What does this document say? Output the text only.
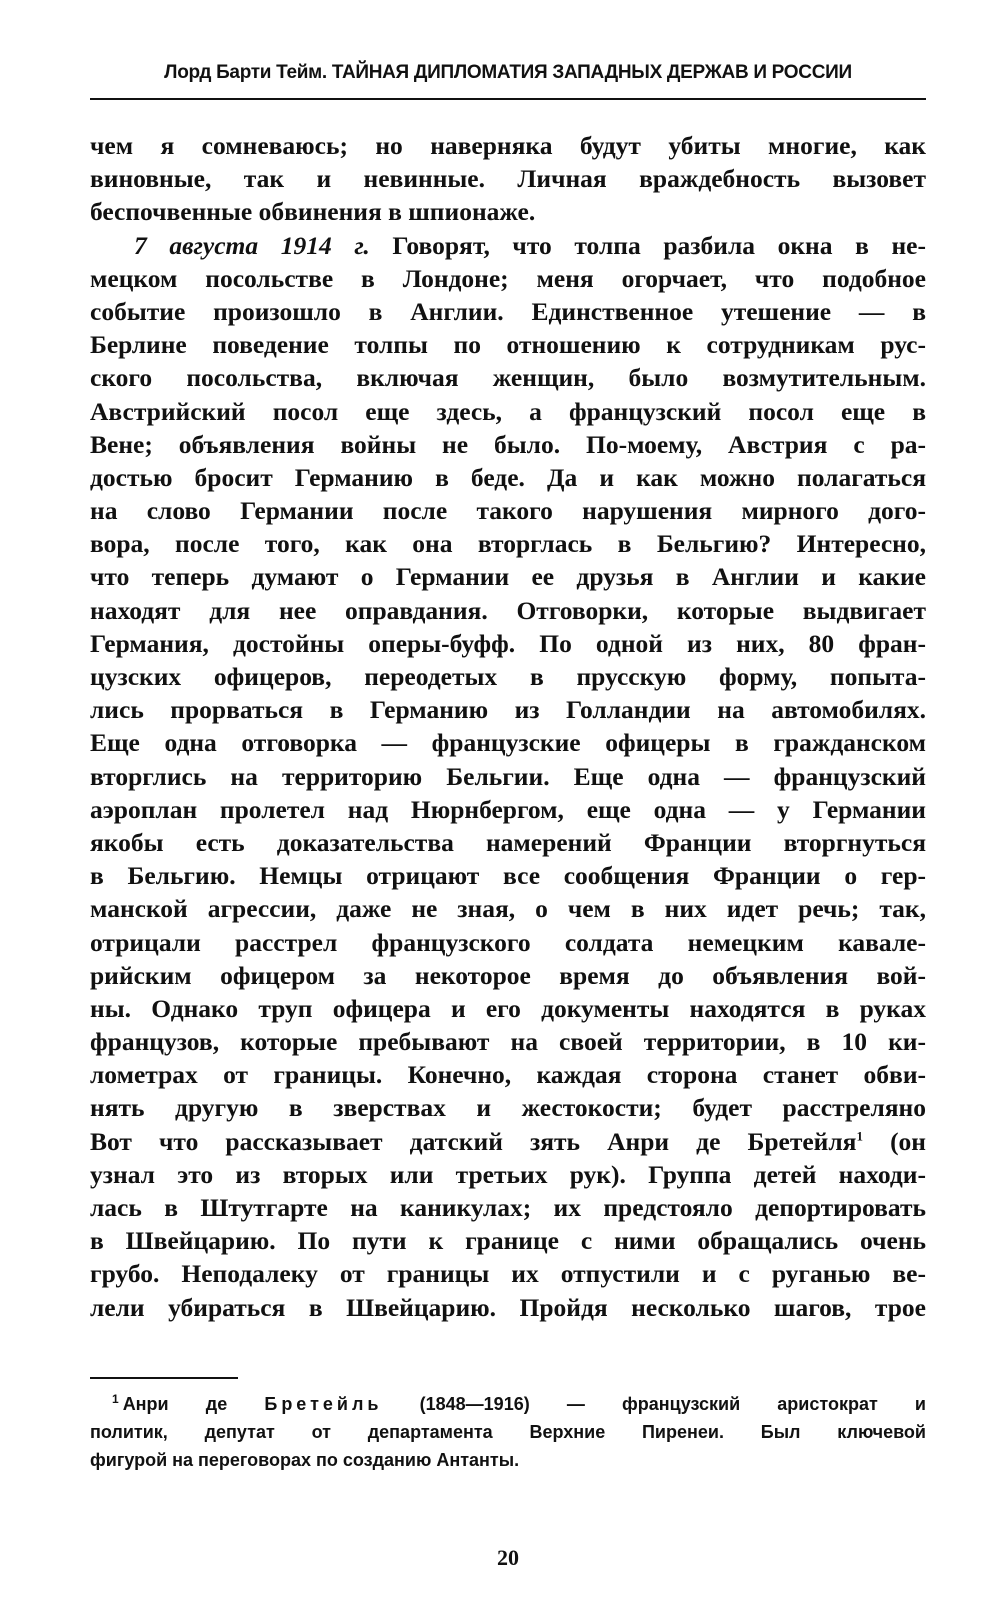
Лорд Барти Тейм. ТАЙНАЯ ДИПЛОМАТИЯ ЗАПАДНЫХ ДЕРЖАВ И РОССИИ
чем я сомневаюсь; но наверняка будут убиты многие, как
виновные, так и невинные. Личная враждебность вызовет
беспочвенные обвинения в шпионаже.
7 августа 1914 г. Говорят, что толпа разбила окна в не-
мецком посольстве в Лондоне; меня огорчает, что подобное
событие произошло в Англии. Единственное утешение — в
Берлине поведение толпы по отношению к сотрудникам рус-
ского посольства, включая женщин, было возмутительным.
Австрийский посол еще здесь, а французский посол еще в
Вене; объявления войны не было. По-моему, Австрия с ра-
достью бросит Германию в беде. Да и как можно полагаться
на слово Германии после такого нарушения мирного дого-
вора, после того, как она вторглась в Бельгию? Интересно,
что теперь думают о Германии ее друзья в Англии и какие
находят для нее оправдания. Отговорки, которые выдвигает
Германия, достойны оперы-буфф. По одной из них, 80 фран-
цузских офицеров, переодетых в прусскую форму, попыта-
лись прорваться в Германию из Голландии на автомобилях.
Еще одна отговорка — французские офицеры в гражданском
вторглись на территорию Бельгии. Еще одна — французский
аэроплан пролетел над Нюрнбергом, еще одна — у Германии
якобы есть доказательства намерений Франции вторгнуться
в Бельгию. Немцы отрицают все сообщения Франции о гер-
манской агрессии, даже не зная, о чем в них идет речь; так,
отрицали расстрел французского солдата немецким кавале-
рийским офицером за некоторое время до объявления вой-
ны. Однако труп офицера и его документы находятся в руках
французов, которые пребывают на своей территории, в 10 ки-
лометрах от границы. Конечно, каждая сторона станет обви-
нять другую в зверствах и жестокости; будет расстреляно
Вот что рассказывает датский зять Анри де Бретейля$^1$ (он
узнал это из вторых или третьих рук). Группа детей находи-
лась в Штутгарте на каникулах; их предстояло депортировать
в Швейцарию. По пути к границе с ними обращались очень
грубо. Неподалеку от границы их отпустили и с руганью ве-
лели убираться в Швейцарию. Пройдя несколько шагов, трое
$^1$ Анри де Бретейль (1848—1916) — французский аристократ и
политик, депутат от департамента Верхние Пиренеи. Был ключевой
фигурой на переговорах по созданию Антанты.
20
